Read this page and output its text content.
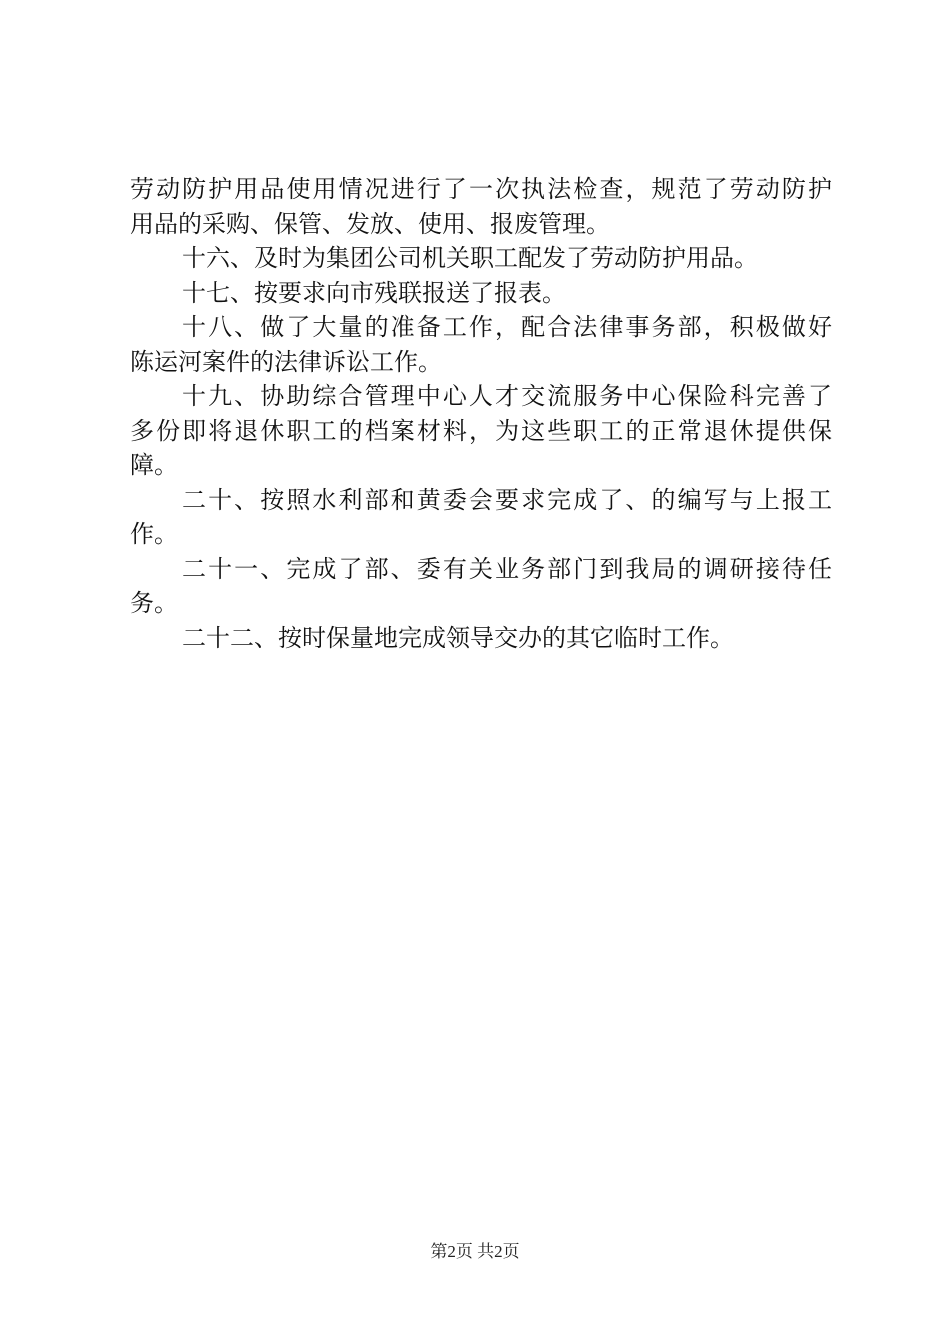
劳动防护用品使用情况进行了一次执法检查，规范了劳动防护
用品的采购、保管、发放、使用、报废管理。
十六、及时为集团公司机关职工配发了劳动防护用品。
十七、按要求向市残联报送了报表。
十八、做了大量的准备工作，配合法律事务部，积极做好
陈运河案件的法律诉讼工作。
十九、协助综合管理中心人才交流服务中心保险科完善了
多份即将退休职工的档案材料，为这些职工的正常退休提供保
障。
二十、按照水利部和黄委会要求完成了、的编写与上报工
作。
二十一、完成了部、委有关业务部门到我局的调研接待任
务。
二十二、按时保量地完成领导交办的其它临时工作。
第2页 共2页
